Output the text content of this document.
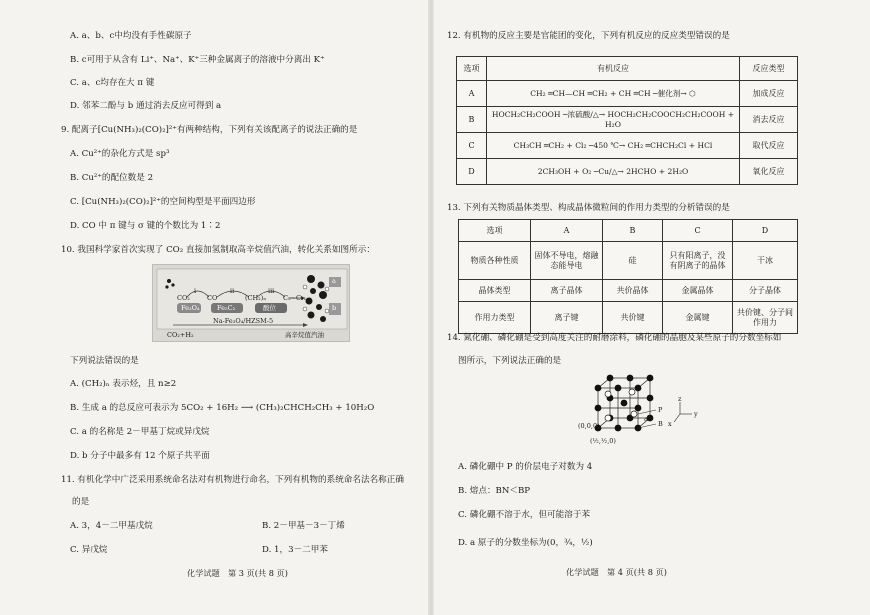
A. a、b、c中均没有手性碳原子
B. c可用于从含有 Li⁺、Na⁺、K⁺三种金属离子的溶液中分离出 K⁺
C. a、c均存在大 π 键
D. 邻苯二酚与 b 通过消去反应可得到 a
9. 配离子[Cu(NH₃)₂(CO)₂]²⁺有两种结构，下列有关该配离子的说法正确的是
A. Cu²⁺的杂化方式是 sp³
B. Cu²⁺的配位数是 2
C. [Cu(NH₃)₂(CO)₂]²⁺的空间构型是平面四边形
D. CO 中 π 键与 σ 键的个数比为 1∶2
10. 我国科学家首次实现了 CO₂ 直接加氢制取高辛烷值汽油，转化关系如图所示：
i	ii	iii
CO₂	CO	(CH₂)ₙ	C₅~C₁₁
Fe₃O₄	Fe₅C₂	酸位
Na-Fe₃O₄/HZSM-5
CO₂+H₂	高辛烷值汽油
a
b
下列说法错误的是
A. (CH₂)ₙ 表示烃，且 n≥2
B. 生成 a 的总反应可表示为 5CO₂ + 16H₂ ⟶ (CH₃)₂CHCH₂CH₃ + 10H₂O
C. a 的名称是 2－甲基丁烷或异戊烷
D. b 分子中最多有 12 个原子共平面
11. 有机化学中广泛采用系统命名法对有机物进行命名，下列有机物的系统命名法名称正确
的是
A. 3，4－二甲基戊烷	B. 2－甲基－3－丁烯
C. 异戊烷	D. 1，3－二甲苯
化学试题　第 3 页(共 8 页)
12. 有机物的反应主要是官能团的变化，下列有机反应的反应类型错误的是
选项	有机反应	反应类型
A	CH₂ ═CH—CH ═CH₂ + CH ═CH ─催化剂→ ⬡	加成反应
B	HOCH₂CH₂COOH ─浓硫酸/△→ HOCH₂CH₂COOCH₂CH₂COOH + H₂O	消去反应
C	CH₃CH ═CH₂ + Cl₂ ─450 ℃→ CH₂ ═CHCH₂Cl + HCl	取代反应
D	2CH₃OH + O₂ ─Cu/△→ 2HCHO + 2H₂O	氧化反应
13. 下列有关物质晶体类型、构成晶体微粒间的作用力类型的分析错误的是
选项	A	B	C	D
物质各种性质	固体不导电，熔融态能导电	硅	只有阳离子，没有阴离子的晶体	干冰
晶体类型	离子晶体	共价晶体	金属晶体	分子晶体
作用力类型	离子键	共价键	金属键	共价键、分子间作用力
14. 氮化硼、磷化硼是受到高度关注的耐磨涂料，磷化硼的晶胞及某些原子的分数坐标如
图所示，下列说法正确的是
(0,0,0)
(½,½,0)
P
B
a
x
y
z
A. 磷化硼中 P 的价层电子对数为 4
B. 熔点：BN＜BP
C. 磷化硼不溶于水，但可能溶于苯
D. a 原子的分数坐标为(0，¾，½)
化学试题　第 4 页(共 8 页)
